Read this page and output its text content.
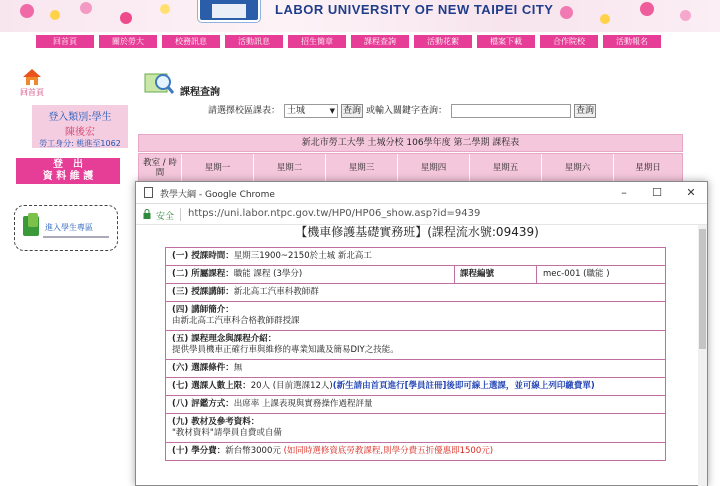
LABOR UNIVERSITY OF NEW TAIPEI CITY
回首頁	關於勞大	校務訊息	活動訊息	招生簡章	課程查詢	活動花絮	檔案下載	合作院校	活動報名
回首頁
登入類別:學生
陳後宏
勞工身分: 桃進至1062
登　出
資 料 維 護
進入學生專區
課程查詢
請選擇校區課表： 土城	▼ 查詢 或輸入關鍵字查詢：	查詢
新北市勞工大學 土城分校 106學年度 第二學期 課程表
教室 / 時間	星期一	星期二	星期三	星期四	星期五	星期六	星期日
教學大綱 - Google Chrome	–	☐	✕
安全 https://uni.labor.ntpc.gov.tw/HP0/HP06_show.asp?id=9439
【機車修護基礎實務班】(課程流水號:09439)
(一) 授課時間：星期三1900~2150於土城 新北高工
(二) 所屬課程：職能 課程 (3學分)	課程編號	mec-001 (職能 )
(三) 授課講師：新北高工汽車科教師群
(四) 講師簡介：
由新北高工汽車科合格教師群授課
(五) 課程理念與課程介紹：
提供學員機車正確行車與維修的專業知識及簡易DIY之技能。
(六) 選課條件：無
(七) 選課人數上限：20人 (目前選課12人)(新生請由首頁進行[學員註冊]後即可線上選課，並可線上列印繳費單)
(八) 評鑑方式：出席率 上課表現與實務操作過程評量
(九) 教材及參考資料：
"教材資料"請學員自費或自備
(十) 學分費：新台幣3000元 (如同時選修資底勞教課程,則學分費五折優惠即1500元)
